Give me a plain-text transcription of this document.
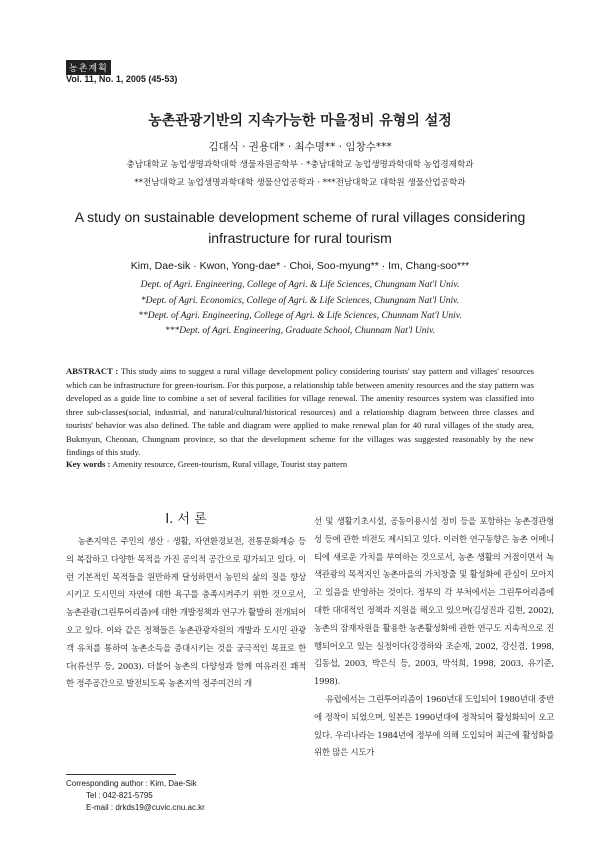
농촌계획
Vol. 11, No. 1, 2005 (45-53)
농촌관광기반의 지속가능한 마을정비 유형의 설정
김대식 · 권용대* · 최수명** · 임창수***
충남대학교 농업생명과학대학 생물자원공학부 · *충남대학교 농업생명과학대학 농업경제학과
**전남대학교 농업생명과학대학 생물산업공학과 · ***전남대학교 대학원 생물산업공학과
A study on sustainable development scheme of rural villages considering
infrastructure for rural tourism
Kim, Dae-sik · Kwon, Yong-dae* · Choi, Soo-myung** · Im, Chang-soo***
Dept. of Agri. Engineering, College of Agri. & Life Sciences, Chungnam Nat'l Univ.
*Dept. of Agri. Economics, College of Agri. & Life Sciences, Chungnam Nat'l Univ.
**Dept. of Agri. Engineering, College of Agri. & Life Sciences, Chunnam Nat'l Univ.
***Dept. of Agri. Engineering, Graduate School, Chunnam Nat'l Univ.
ABSTRACT : This study aims to suggest a rural village development policy considering tourists' stay pattern and villages' resources which can be infrastructure for green-tourism. For this purpose, a relationship table between amenity resources and the stay pattern was developed as a guide line to combine a set of several facilities for village renewal. The amenity resources system was classified into three sub-classes(social, industrial, and natural/cultural/historical resources) and a relationship diagram between three classes and tourists' behavior was also defined. The table and diagram were applied to make renewal plan for 40 rural villages of the study area, Bukmyun, Cheonan, Chungnam province, so that the development scheme for the villages was suggested reasonably by the new findings of this study.
Key words : Amenity resource, Green-tourism, Rural village, Tourist stay pattern
I. 서 론

농촌지역은 주민의 생산 · 생활, 자연환경보전, 전통문화계승 등의 복잡하고 다양한 목적을 가진 공익적 공간으로 평가되고 있다. 이런 기본적인 목적들을 원만하게 달성하면서 농민의 삶의 질을 향상시키고 도시민의 자연에 대한 욕구를 충족시켜주기 위한 것으로서, 농촌관광(그린투어리즘)에 대한 개발정책과 연구가 활발히 전개되어 오고 있다. 이와 같은 정책들은 농촌관광자원의 개발과 도시민 관광객 유치를 통하여 농촌소득을 증대시키는 것을 궁극적인 목표로 한다(류선무 등, 2003). 더불어 농촌의 다양성과 함께 여유러진 쾌적한 정주공간으로 발전되도록 농촌지역 정주여건의 개

선 및 생활기초시설, 공동이용시설 정비 등을 포함하는 농촌경관형성 등에 관한 비전도 제시되고 있다. 이러한 연구동향은 농촌 어메니티에 새로운 가치를 부여하는 것으로서, 농촌 생활의 거점이면서 녹색관광의 목적지인 농촌마을의 가치창출 및 활성화에 관심이 모아지고 있음을 반영하는 것이다. 정부의 각 부처에서는 그린투어리즘에 대한 대대적인 정책과 지원을 해오고 있으며(김성진과 김현, 2002), 농촌의 잠재자원을 활용한 농촌활성화에 관한 연구도 지속적으로 진행되어오고 있는 실정이다(강경하와 조순재, 2002, 강신겸, 1998, 김동섭, 2003, 박은식 등, 2003, 박석희, 1998, 2003, 유기준, 1998).

유럽에서는 그린투어리즘이 1960년대 도입되어 1980년대 중반에 정착이 되었으며, 일본은 1990년대에 정착되어 활성화되어 오고 있다. 우리나라는 1984년에 정부에 의해 도입되어 최근에 활성화를 위한 많은 시도가

Corresponding author : Kim, Dae-Sik
Tel : 042-821-5795
E-mail : drkds19@cuvic.cnu.ac.kr
